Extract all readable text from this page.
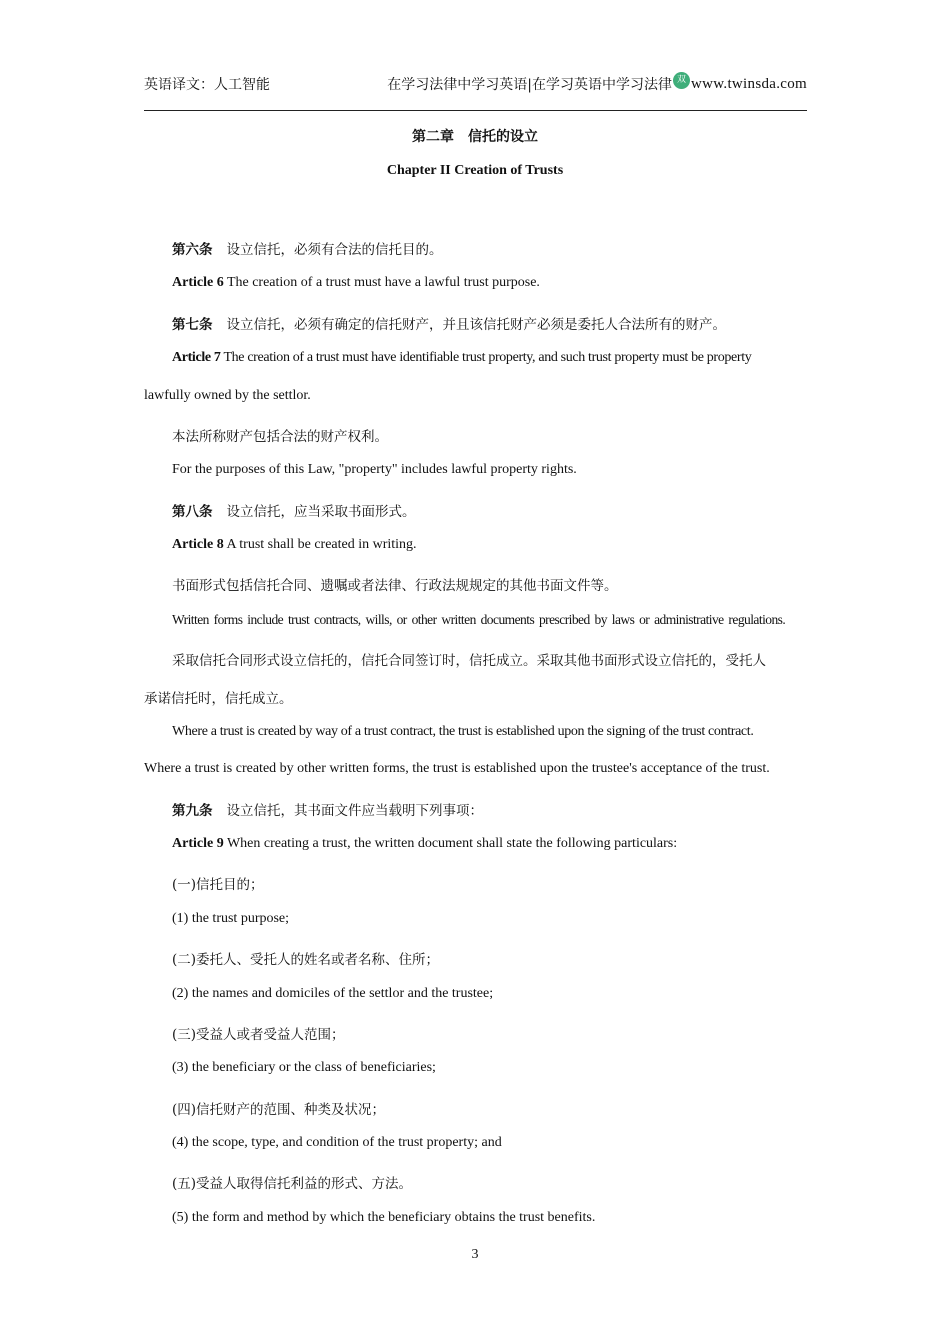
英语译文：人工智能	在学习法律中学习英语|在学习英语中学习法律 双 www.twinsda.com
第二章　信托的设立
Chapter II Creation of Trusts
第六条 设立信托，必须有合法的信托目的。
Article 6 The creation of a trust must have a lawful trust purpose.
第七条 设立信托，必须有确定的信托财产，并且该信托财产必须是委托人合法所有的财产。
Article 7 The creation of a trust must have identifiable trust property, and such trust property must be property
lawfully owned by the settlor.
本法所称财产包括合法的财产权利。
For the purposes of this Law, "property" includes lawful property rights.
第八条 设立信托，应当采取书面形式。
Article 8 A trust shall be created in writing.
书面形式包括信托合同、遗嘱或者法律、行政法规规定的其他书面文件等。
Written forms include trust contracts, wills, or other written documents prescribed by laws or administrative regulations.
采取信托合同形式设立信托的，信托合同签订时，信托成立。采取其他书面形式设立信托的，受托人
承诺信托时，信托成立。
Where a trust is created by way of a trust contract, the trust is established upon the signing of the trust contract.
Where a trust is created by other written forms, the trust is established upon the trustee's acceptance of the trust.
第九条 设立信托，其书面文件应当载明下列事项：
Article 9 When creating a trust, the written document shall state the following particulars:
(一)信托目的；
(1) the trust purpose;
(二)委托人、受托人的姓名或者名称、住所；
(2) the names and domiciles of the settlor and the trustee;
(三)受益人或者受益人范围；
(3) the beneficiary or the class of beneficiaries;
(四)信托财产的范围、种类及状况；
(4) the scope, type, and condition of the trust property; and
(五)受益人取得信托利益的形式、方法。
(5) the form and method by which the beneficiary obtains the trust benefits.
3
